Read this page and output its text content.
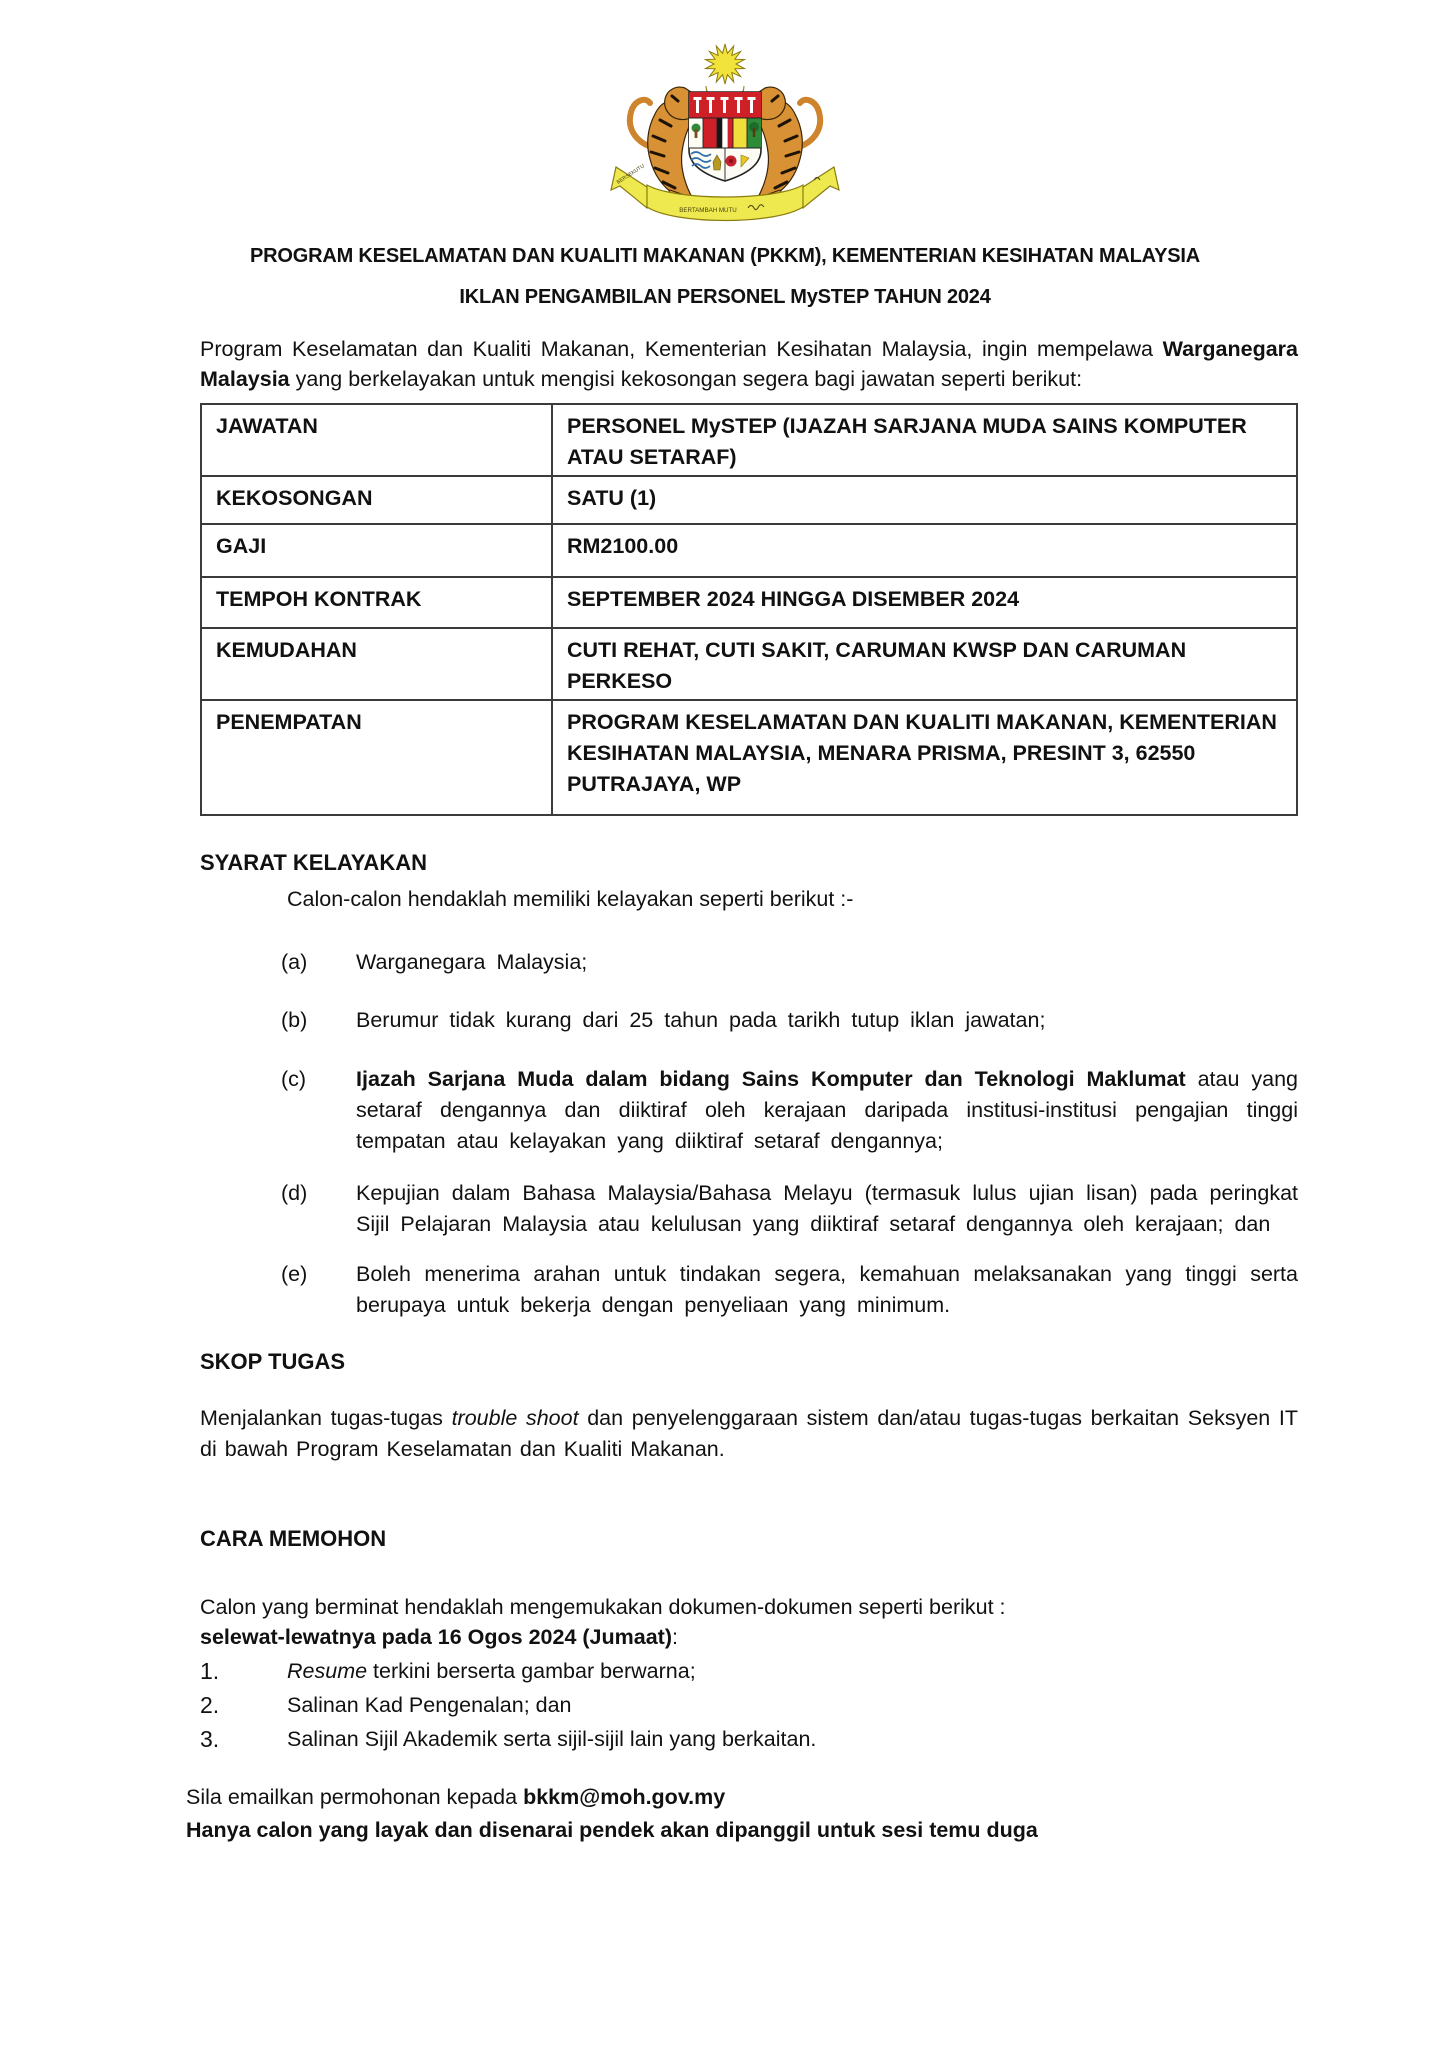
BERSEKUTU
BERTAMBAH MUTU
PROGRAM KESELAMATAN DAN KUALITI MAKANAN (PKKM), KEMENTERIAN KESIHATAN MALAYSIA
IKLAN PENGAMBILAN PERSONEL MySTEP TAHUN 2024

Program Keselamatan dan Kualiti Makanan, Kementerian Kesihatan Malaysia, ingin mempelawa Warganegara Malaysia yang berkelayakan untuk mengisi kekosongan segera bagi jawatan seperti berikut:

JAWATAN	PERSONEL MySTEP (IJAZAH SARJANA MUDA SAINS KOMPUTER ATAU SETARAF)
KEKOSONGAN	SATU (1)
GAJI	RM2100.00
TEMPOH KONTRAK	SEPTEMBER 2024 HINGGA DISEMBER 2024
KEMUDAHAN	CUTI REHAT, CUTI SAKIT, CARUMAN KWSP DAN CARUMAN PERKESO
PENEMPATAN	PROGRAM KESELAMATAN DAN KUALITI MAKANAN, KEMENTERIAN KESIHATAN MALAYSIA, MENARA PRISMA, PRESINT 3, 62550 PUTRAJAYA, WP
SYARAT KELAYAKAN
Calon-calon hendaklah memiliki kelayakan seperti berikut :-
(a)	Warganegara Malaysia;
(b)	Berumur tidak kurang dari 25 tahun pada tarikh tutup iklan jawatan;
(c)	Ijazah Sarjana Muda dalam bidang Sains Komputer dan Teknologi Maklumat atau yang setaraf dengannya dan diiktiraf oleh kerajaan daripada institusi-institusi pengajian tinggi tempatan atau kelayakan yang diiktiraf setaraf dengannya;
(d)	Kepujian dalam Bahasa Malaysia/Bahasa Melayu (termasuk lulus ujian lisan) pada peringkat Sijil Pelajaran Malaysia atau kelulusan yang diiktiraf setaraf dengannya oleh kerajaan; dan
(e)	Boleh menerima arahan untuk tindakan segera, kemahuan melaksanakan yang tinggi serta berupaya untuk bekerja dengan penyeliaan yang minimum.
SKOP TUGAS

Menjalankan tugas-tugas trouble shoot dan penyelenggaraan sistem dan/atau tugas-tugas berkaitan Seksyen IT di bawah Program Keselamatan dan Kualiti Makanan.

CARA MEMOHON
Calon yang berminat hendaklah mengemukakan dokumen-dokumen seperti berikut :
selewat-lewatnya pada 16 Ogos 2024 (Jumaat):
1.	Resume terkini berserta gambar berwarna;
2.	Salinan Kad Pengenalan; dan
3.	Salinan Sijil Akademik serta sijil-sijil lain yang berkaitan.
Sila emailkan permohonan kepada bkkm@moh.gov.my
Hanya calon yang layak dan disenarai pendek akan dipanggil untuk sesi temu duga
